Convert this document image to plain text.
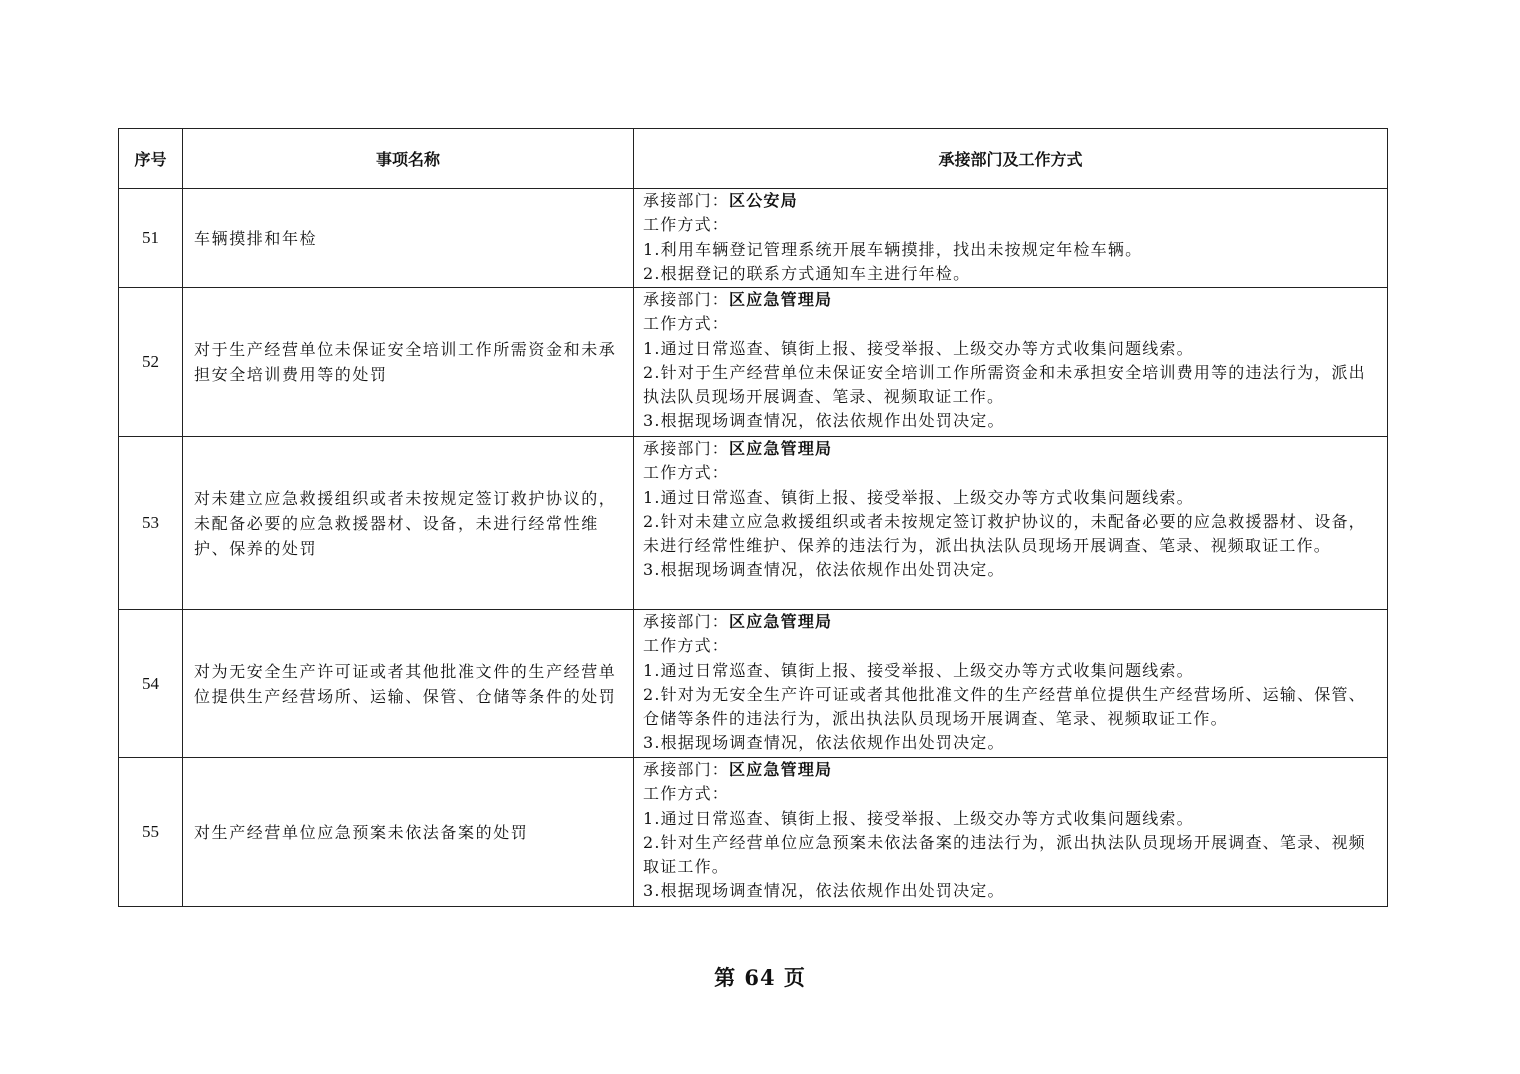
序号	事项名称	承接部门及工作方式
51	车辆摸排和年检	承接部门：区公安局
工作方式：
1.利用车辆登记管理系统开展车辆摸排，找出未按规定年检车辆。
2.根据登记的联系方式通知车主进行年检。

52	对于生产经营单位未保证安全培训工作所需资金和未承担安全培训费用等的处罚	承接部门：区应急管理局
工作方式：
1.通过日常巡查、镇街上报、接受举报、上级交办等方式收集问题线索。
2.针对于生产经营单位未保证安全培训工作所需资金和未承担安全培训费用等的违法行为，派出执法队员现场开展调查、笔录、视频取证工作。
3.根据现场调查情况，依法依规作出处罚决定。

53	对未建立应急救援组织或者未按规定签订救护协议的，未配备必要的应急救援器材、设备，未进行经常性维护、保养的处罚	承接部门：区应急管理局
工作方式：
1.通过日常巡查、镇街上报、接受举报、上级交办等方式收集问题线索。
2.针对未建立应急救援组织或者未按规定签订救护协议的，未配备必要的应急救援器材、设备，未进行经常性维护、保养的违法行为，派出执法队员现场开展调查、笔录、视频取证工作。
3.根据现场调查情况，依法依规作出处罚决定。

54	对为无安全生产许可证或者其他批准文件的生产经营单位提供生产经营场所、运输、保管、仓储等条件的处罚	承接部门：区应急管理局
工作方式：
1.通过日常巡查、镇街上报、接受举报、上级交办等方式收集问题线索。
2.针对为无安全生产许可证或者其他批准文件的生产经营单位提供生产经营场所、运输、保管、仓储等条件的违法行为，派出执法队员现场开展调查、笔录、视频取证工作。
3.根据现场调查情况，依法依规作出处罚决定。

55	对生产经营单位应急预案未依法备案的处罚	承接部门：区应急管理局
工作方式：
1.通过日常巡查、镇街上报、接受举报、上级交办等方式收集问题线索。
2.针对生产经营单位应急预案未依法备案的违法行为，派出执法队员现场开展调查、笔录、视频取证工作。
3.根据现场调查情况，依法依规作出处罚决定。
第 64 页
